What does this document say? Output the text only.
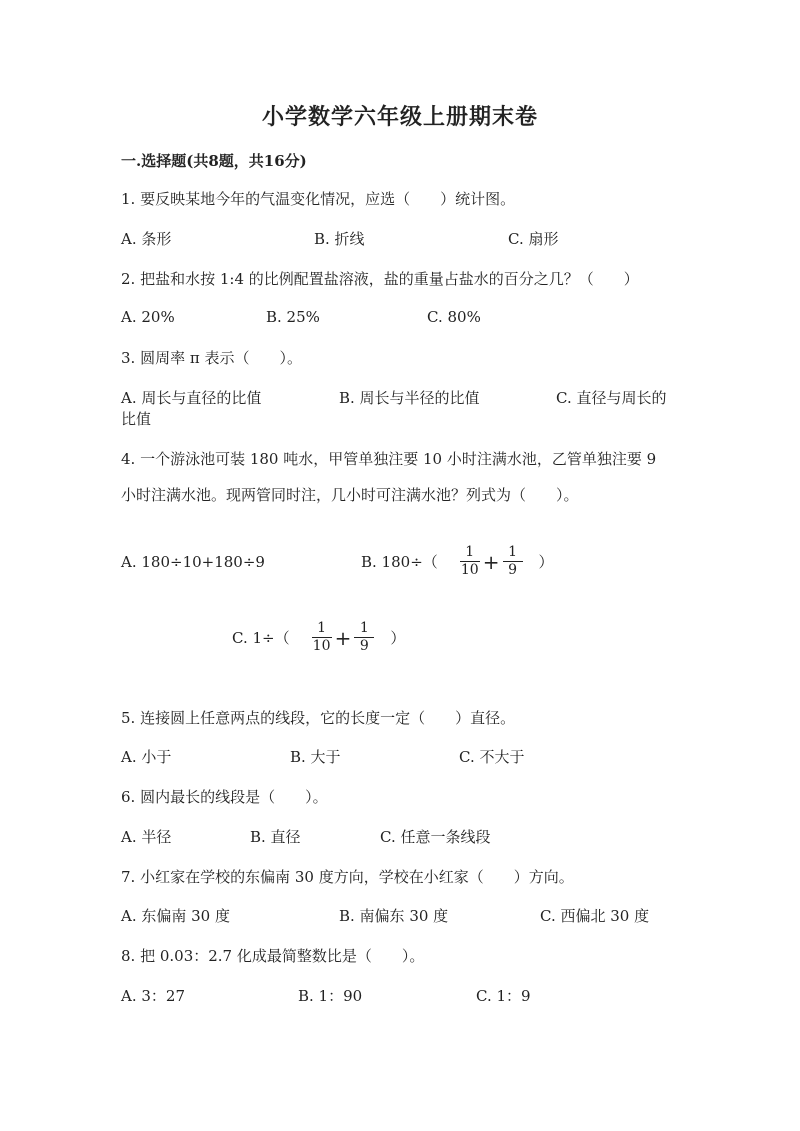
小学数学六年级上册期末卷
一.选择题(共8题，共16分)
1. 要反映某地今年的气温变化情况，应选（　　）统计图。
A. 条形	B. 折线	C. 扇形
2. 把盐和水按 1:4 的比例配置盐溶液，盐的重量占盐水的百分之几？（　　）
A. 20%	B. 25%	C. 80%
3. 圆周率 π 表示（　　）。
A. 周长与直径的比值	B. 周长与半径的比值	C. 直径与周长的
比值
4. 一个游泳池可装 180 吨水，甲管单独注要 10 小时注满水池，乙管单独注要 9
小时注满水池。现两管同时注，几小时可注满水池？列式为（　　）。
A. 180÷10+180÷9	B. $180\div( \frac{1}{10} + \frac{1}{9}$ ）
C. $1\div( \frac{1}{10} + \frac{1}{9}$ ）
5. 连接圆上任意两点的线段，它的长度一定（　　）直径。
A. 小于	B. 大于	C. 不大于
6. 圆内最长的线段是（　　）。
A. 半径	B. 直径	C. 任意一条线段
7. 小红家在学校的东偏南 30 度方向，学校在小红家（　　）方向。
A. 东偏南 30 度	B. 南偏东 30 度	C. 西偏北 30 度
8. 把 0.03：2.7 化成最简整数比是（　　）。
A. 3：27	B. 1：90	C. 1：9
